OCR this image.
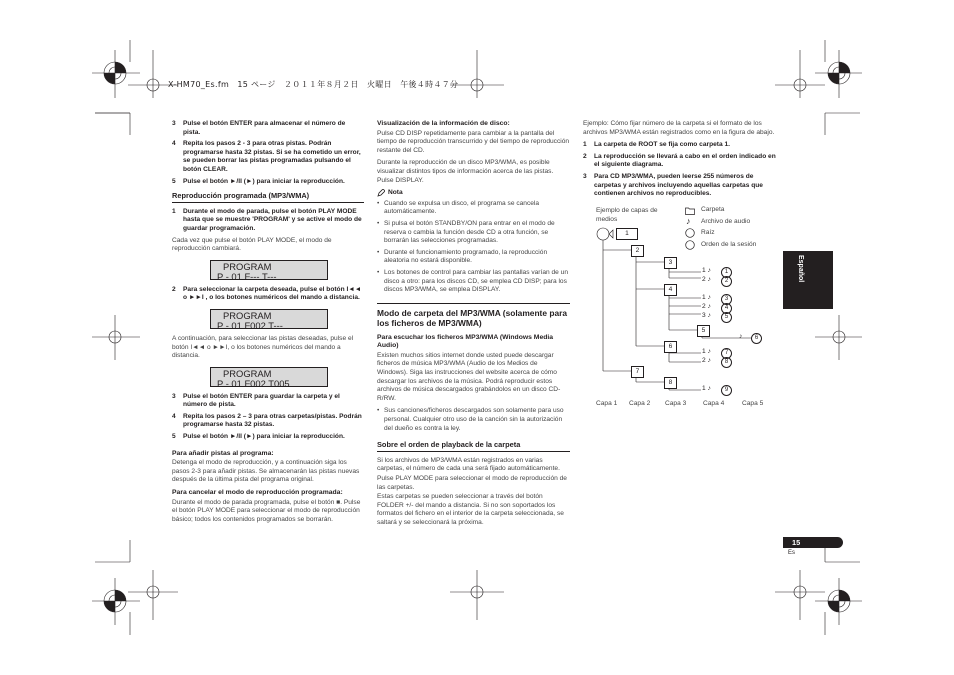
X-HM70_Es.fm　15 ページ　２０１１年８月２日　火曜日　午後４時４７分
3	Pulse el botón ENTER para almacenar el número de pista.
4	Repita los pasos 2 - 3 para otras pistas. Podrán programarse hasta 32 pistas. Si se ha cometido un error, se pueden borrar las pistas programadas pulsando el botón CLEAR.
5	Pulse el botón ►/II (►) para iniciar la reproducción.
Reproducción programada (MP3/WMA)
1	Durante el modo de parada, pulse el botón PLAY MODE hasta que se muestre 'PROGRAM' y se active el modo de guardar programación.

Cada vez que pulse el botón PLAY MODE, el modo de reproducción cambiará.

PROGRAM
P - 01 F--- T---
2	Para seleccionar la carpeta deseada, pulse el botón I◄◄ o ►►I , o los botones numéricos del mando a distancia.
PROGRAM
P - 01 F002 T---

A continuación, para seleccionar las pistas deseadas, pulse el botón I◄◄ o ►►I, o los botones numéricos del mando a distancia.

PROGRAM
P - 01 F002 T005
3	Pulse el botón ENTER para guardar la carpeta y el número de pista.
4	Repita los pasos 2 – 3 para otras carpetas/pistas. Podrán programarse hasta 32 pistas.
5	Pulse el botón ►/II (►) para iniciar la reproducción.
Para añadir pistas al programa:

Detenga el modo de reproducción, y a continuación siga los pasos 2-3 para añadir pistas. Se almacenarán las pistas nuevas después de la última pista del programa original.

Para cancelar el modo de reproducción programada:

Durante el modo de parada programada, pulse el botón ■. Pulse el botón PLAY MODE para seleccionar el modo de reproducción básico; todos los contenidos programados se borrarán.

Visualización de la información de disco:

Pulse CD DISP repetidamente para cambiar a la pantalla del tiempo de reproducción transcurrido y del tiempo de reproducción restante del CD.

Durante la reproducción de un disco MP3/WMA, es posible visualizar distintos tipos de información acerca de las pistas. Pulse DISPLAY.

Nota
• Cuando se expulsa un disco, el programa se cancela automáticamente.
• Si pulsa el botón STANDBY/ON para entrar en el modo de reserva o cambia la función desde CD a otra función, se borrarán las selecciones programadas.
• Durante el funcionamiento programado, la reproducción aleatoria no estará disponible.
• Los botones de control para cambiar las pantallas varían de un disco a otro: para los discos CD, se emplea CD DISP; para los discos MP3/WMA, se emplea DISPLAY.
Modo de carpeta del MP3/WMA (solamente para los ficheros de MP3/WMA)
Para escuchar los ficheros MP3/WMA (Windows Media Audio)

Existen muchos sitios internet donde usted puede descargar ficheros de música MP3/WMA (Audio de los Medios de Windows). Siga las instrucciones del website acerca de cómo descargar los archivos de la música. Podrá reproducir estos archivos de música descargados grabándolos en un disco CD-R/RW.

• Sus canciones/ficheros descargados son solamente para uso personal. Cualquier otro uso de la canción sin la autorización del dueño es contra la ley.
Sobre el orden de playback de la carpeta

Si los archivos de MP3/WMA están registrados en varias carpetas, el número de cada una será fijado automáticamente.

Pulse PLAY MODE para seleccionar el modo de reproducción de las carpetas.

Estas carpetas se pueden seleccionar a través del botón FOLDER +/- del mando a distancia. Si no son soportados los formatos del fichero en el interior de la carpeta seleccionada, se saltará y se seleccionará la próxima.

Ejemplo: Cómo fijar número de la carpeta si el formato de los archivos MP3/WMA están registrados como en la figura de abajo.

1	La carpeta de ROOT se fija como carpeta 1.
2	La reproducción se llevará a cabo en el orden indicado en el siguiente diagrama.
3	Para CD MP3/WMA, pueden leerse 255 números de carpetas y archivos incluyendo aquellas carpetas que contienen archivos no reproducibles.
Ejemplo de capas de medios
Carpeta
♪ Archivo de audio
Raíz
Orden de la sesión
1
2
3
4
5
6
7
8
1 ♪	1
2 ♪	2
1 ♪	3
2 ♪	4
3 ♪	5
♪	6
1 ♪	7
2 ♪	8
1 ♪	9
Capa 1 Capa 2 Capa 3	Capa 4	Capa 5
Español
15
Es
